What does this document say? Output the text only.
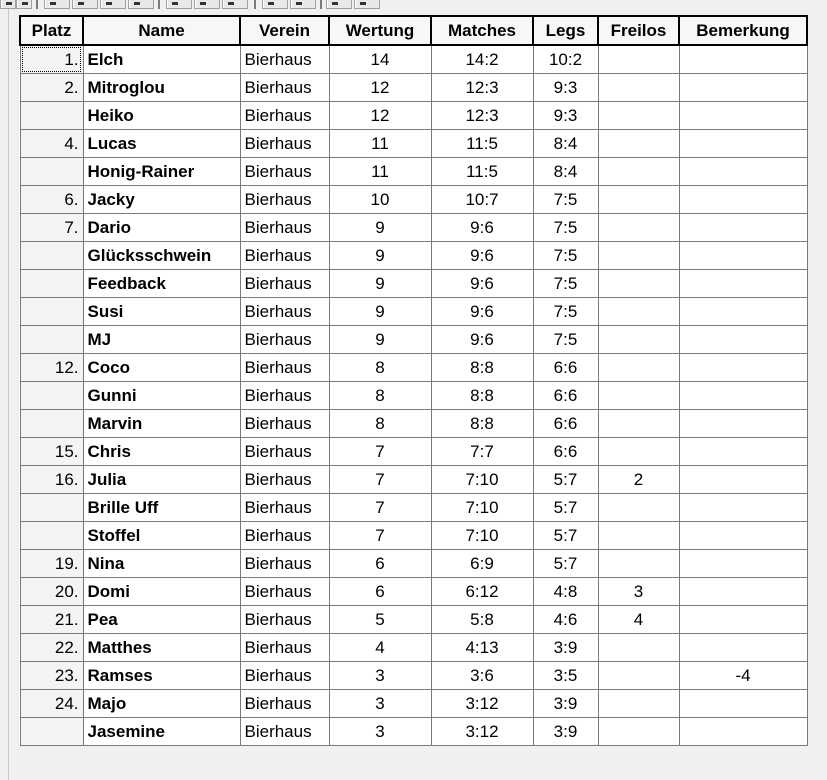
Platz	Name	Verein	Wertung	Matches	Legs	Freilos	Bemerkung
1.	Elch	Bierhaus	14	14:2	10:2		
2.	Mitroglou	Bierhaus	12	12:3	9:3		
	Heiko	Bierhaus	12	12:3	9:3		
4.	Lucas	Bierhaus	11	11:5	8:4		
	Honig-Rainer	Bierhaus	11	11:5	8:4		
6.	Jacky	Bierhaus	10	10:7	7:5		
7.	Dario	Bierhaus	9	9:6	7:5		
	Glücksschwein	Bierhaus	9	9:6	7:5		
	Feedback	Bierhaus	9	9:6	7:5		
	Susi	Bierhaus	9	9:6	7:5		
	MJ	Bierhaus	9	9:6	7:5		
12.	Coco	Bierhaus	8	8:8	6:6		
	Gunni	Bierhaus	8	8:8	6:6		
	Marvin	Bierhaus	8	8:8	6:6		
15.	Chris	Bierhaus	7	7:7	6:6		
16.	Julia	Bierhaus	7	7:10	5:7	2	
	Brille Uff	Bierhaus	7	7:10	5:7		
	Stoffel	Bierhaus	7	7:10	5:7		
19.	Nina	Bierhaus	6	6:9	5:7		
20.	Domi	Bierhaus	6	6:12	4:8	3	
21.	Pea	Bierhaus	5	5:8	4:6	4	
22.	Matthes	Bierhaus	4	4:13	3:9		
23.	Ramses	Bierhaus	3	3:6	3:5		-4
24.	Majo	Bierhaus	3	3:12	3:9		
	Jasemine	Bierhaus	3	3:12	3:9		
